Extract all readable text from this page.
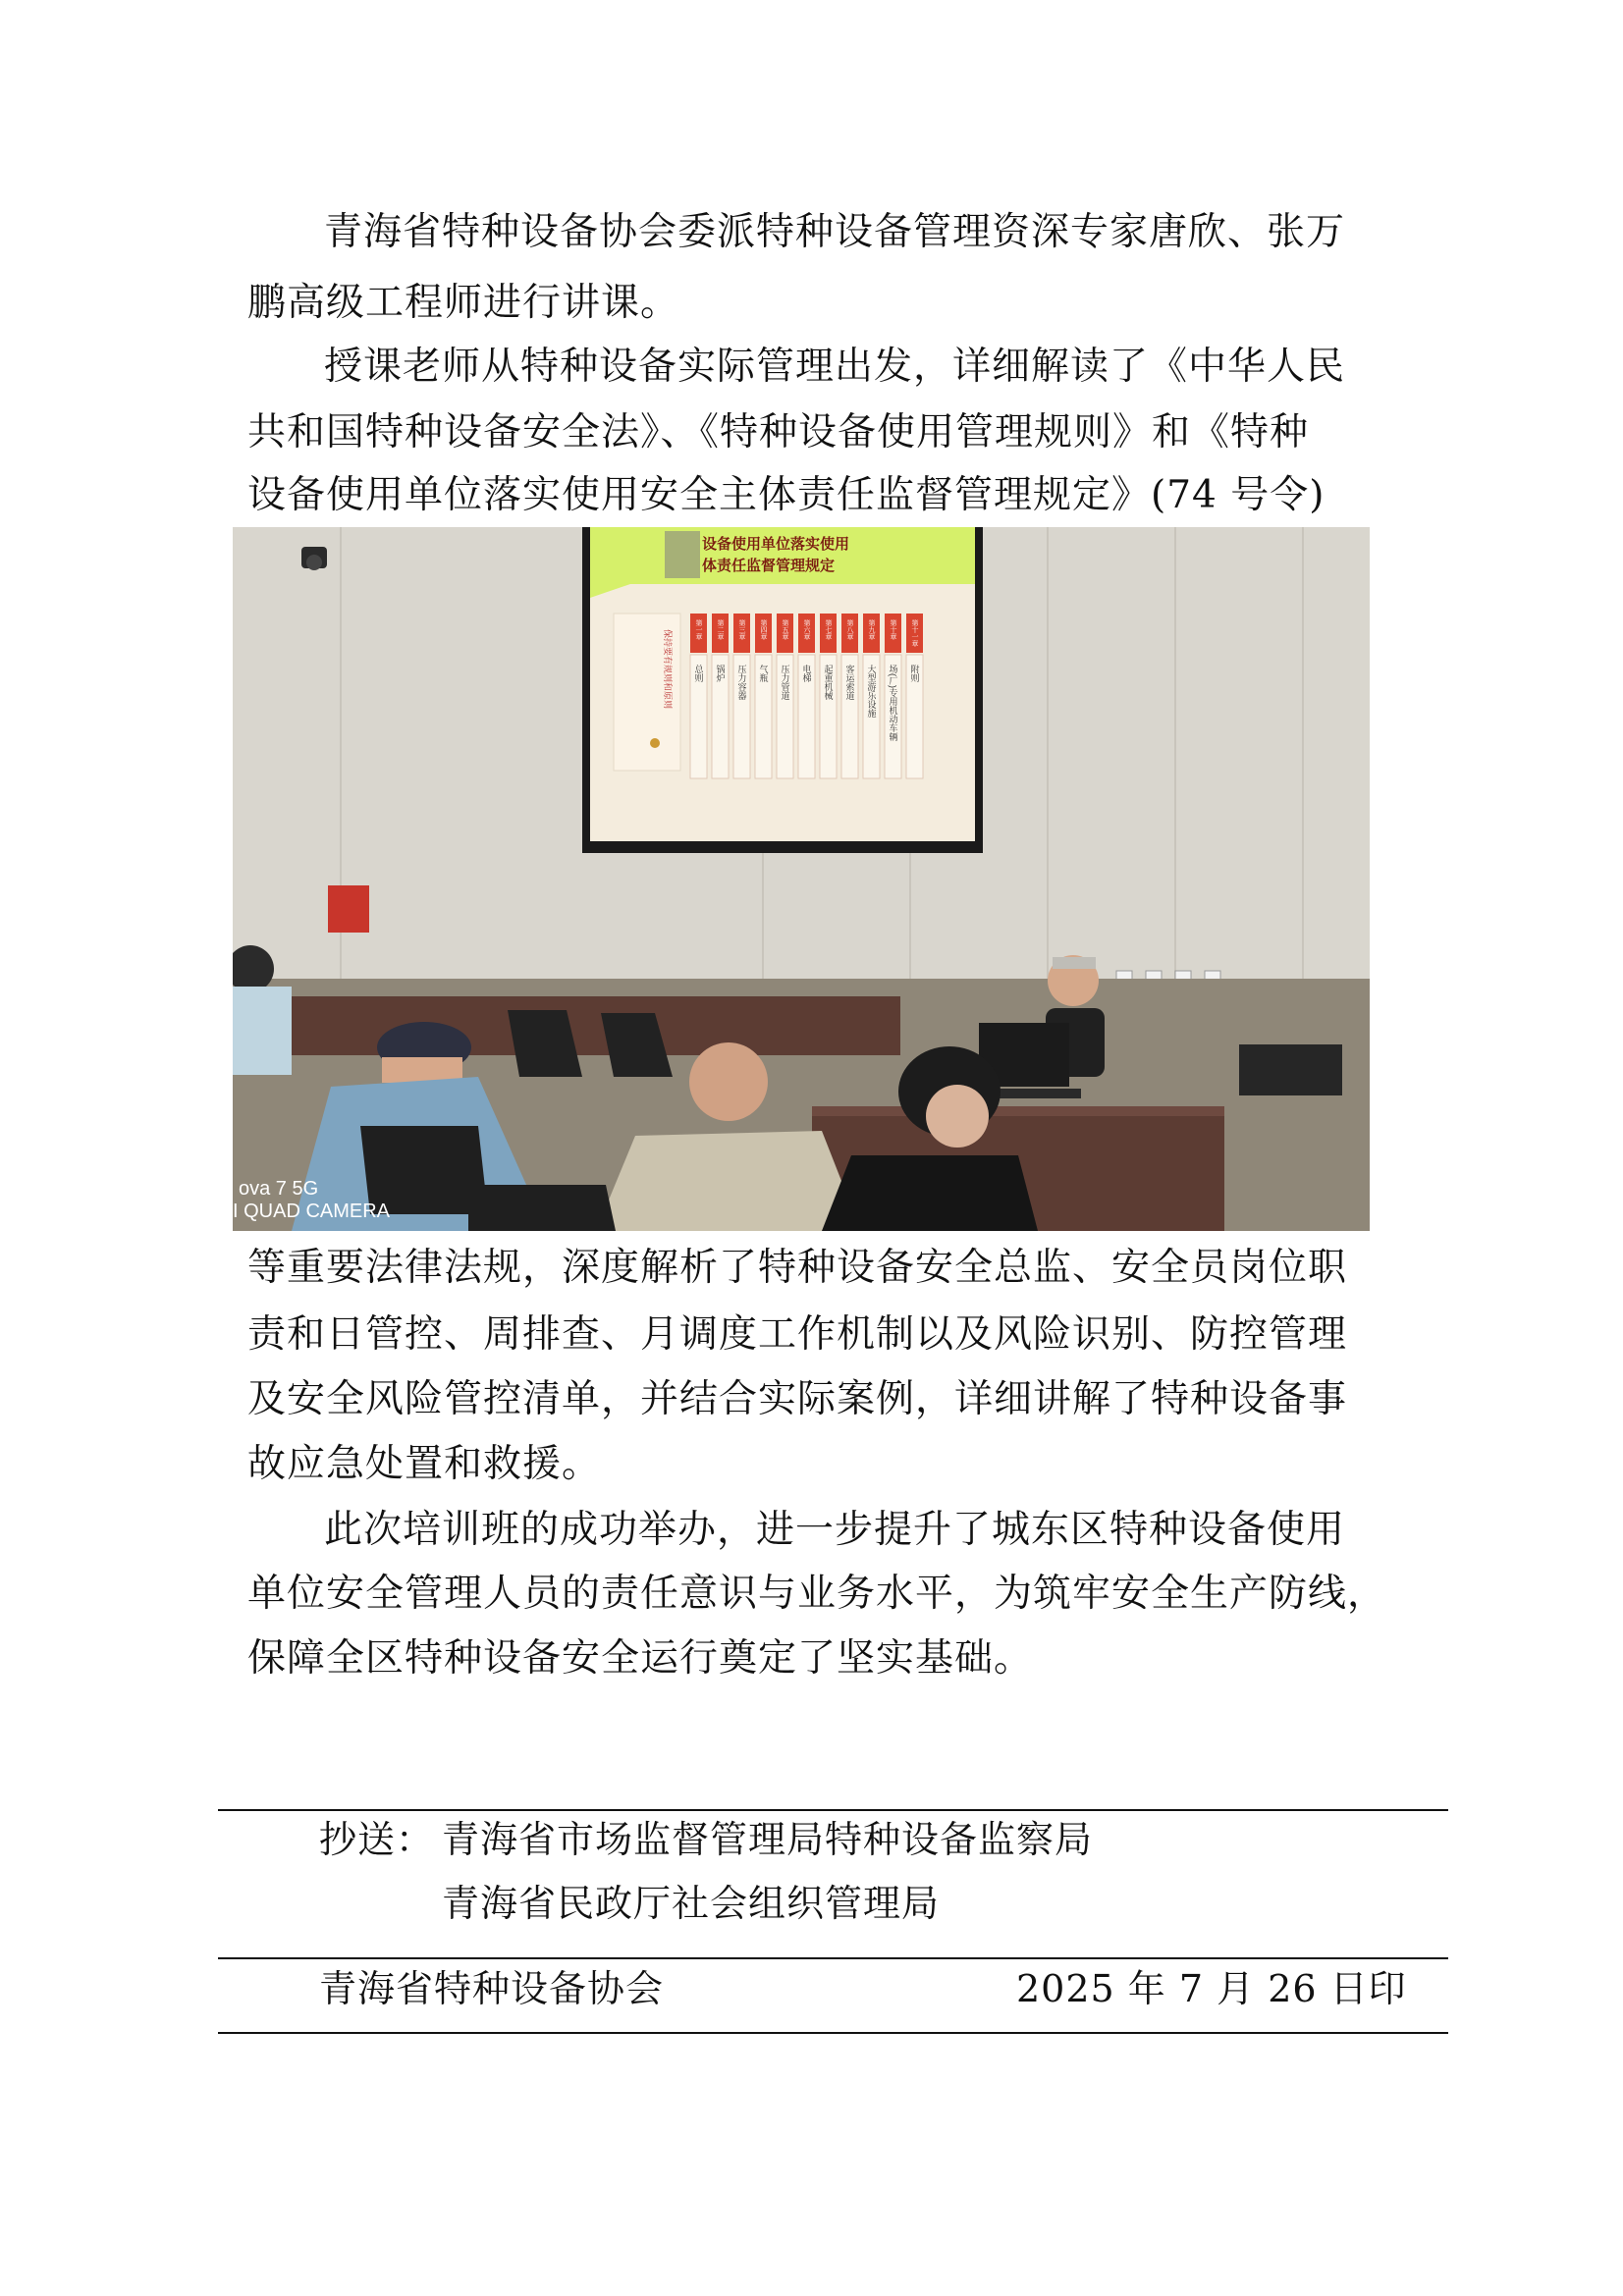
青海省特种设备协会委派特种设备管理资深专家唐欣、张万
鹏高级工程师进行讲课。
授课老师从特种设备实际管理出发，详细解读了《中华人民
共和国特种设备安全法》、《特种设备使用管理规则》和《特种
设备使用单位落实使用安全主体责任监督管理规定》(74 号令)
设备使用单位落实使用
体责任监督管理规定
保持要有规则和原则	第一章
总则
第二章
锅炉
第三章
压力容器
第四章
气瓶
第五章
压力管道
第六章
电梯
第七章
起重机械
第八章
客运索道
第九章
大型游乐设施
第十章
场(厂)专用机动车辆
第十一章
附则
ova 7 5G
I QUAD CAMERA
等重要法律法规，深度解析了特种设备安全总监、安全员岗位职
责和日管控、周排查、月调度工作机制以及风险识别、防控管理
及安全风险管控清单，并结合实际案例，详细讲解了特种设备事
故应急处置和救援。
此次培训班的成功举办，进一步提升了城东区特种设备使用
单位安全管理人员的责任意识与业务水平，为筑牢安全生产防线，
保障全区特种设备安全运行奠定了坚实基础。
抄送： 青海省市场监督管理局特种设备监察局
青海省民政厅社会组织管理局
青海省特种设备协会	2025 年 7 月 26 日印
